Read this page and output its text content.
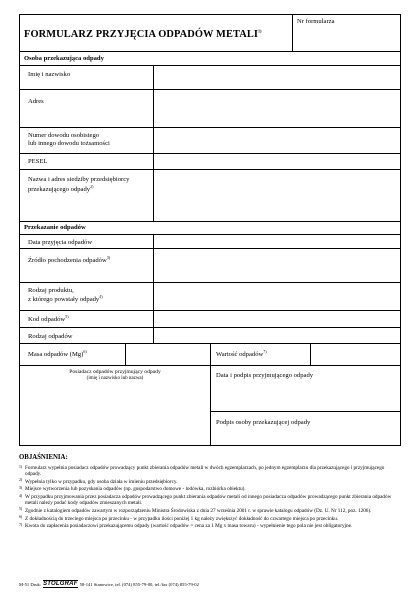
FORMULARZ PRZYJĘCIA ODPADÓW METALI$^{1)}$
Nr formularza
Osoba przekazująca odpady
Imię i nazwisko
Adres
Numer dowodu osobistego
lub innego dowodu tożsamości
PESEL
Nazwa i adres siedziby przedsiębiorcy
przekazującego odpady$^{2)}$
Przekazanie odpadów
Data przyjęcia odpadów
Źródło pochodzenia odpadów$^{3)}$
Rodzaj produktu,
z którego powstały odpady$^{4)}$
Kod odpadów$^{5)}$
Rodzaj odpadów
Masa odpadów $(Mg)^{6)}$	Wartość odpadów$^{7)}$
Posiadacz odpadów przyjmujący odpady
(imię i nazwisko lub nazwa)	Data i podpis przyjmującego odpady
Podpis osoby przekazującej odpady
OBJAŚNIENIA:
1) Formularz wypełnia posiadacz odpadów prowadzący punkt zbierania odpadów metali w dwóch egzemplarzach, po jednym egzemplarzu dla przekazującego i przyjmującego odpady.
2) Wypełnia tylko w przypadku, gdy osoba działa w imieniu przedsiębiorcy.
3) Miejsce wytworzenia lub pozyskania odpadów (np. gospodarstwo domowe - lodówka, rozbiórka obiektu).
4) W przypadku przyjmowania przez posiadacza odpadów prowadzącego punkt zbierania odpadów metali od innego posiadacza odpadów prowadzącego punkt zbierania odpadów metali należy podać kody odpadów zmieszanych metali.
5) Zgodnie z katalogiem odpadów zawartym w rozporządzeniu Ministra Środowiska z dnia 27 września 2001 r. w sprawie katalogu odpadów (Dz. U. Nr 112, poz. 1206).
6) Z dokładnością do trzeciego miejsca po przecinku - w przypadku ilości poniżej 1 kg należy zwiększyć dokładność do czwartego miejsca po przecinku.
7) Kwota do zapłacenia posiadaczowi przekazującemu odpady (wartość odpadów = cena za 1 Mg x masa towaru) - wypełnienie tego pola nie jest obligatoryjne.
M-51 Druk: STOLGRAF 58-141 Stanowice, tel. (074) 855-79-00, tel./fax (074) 855-79-02
